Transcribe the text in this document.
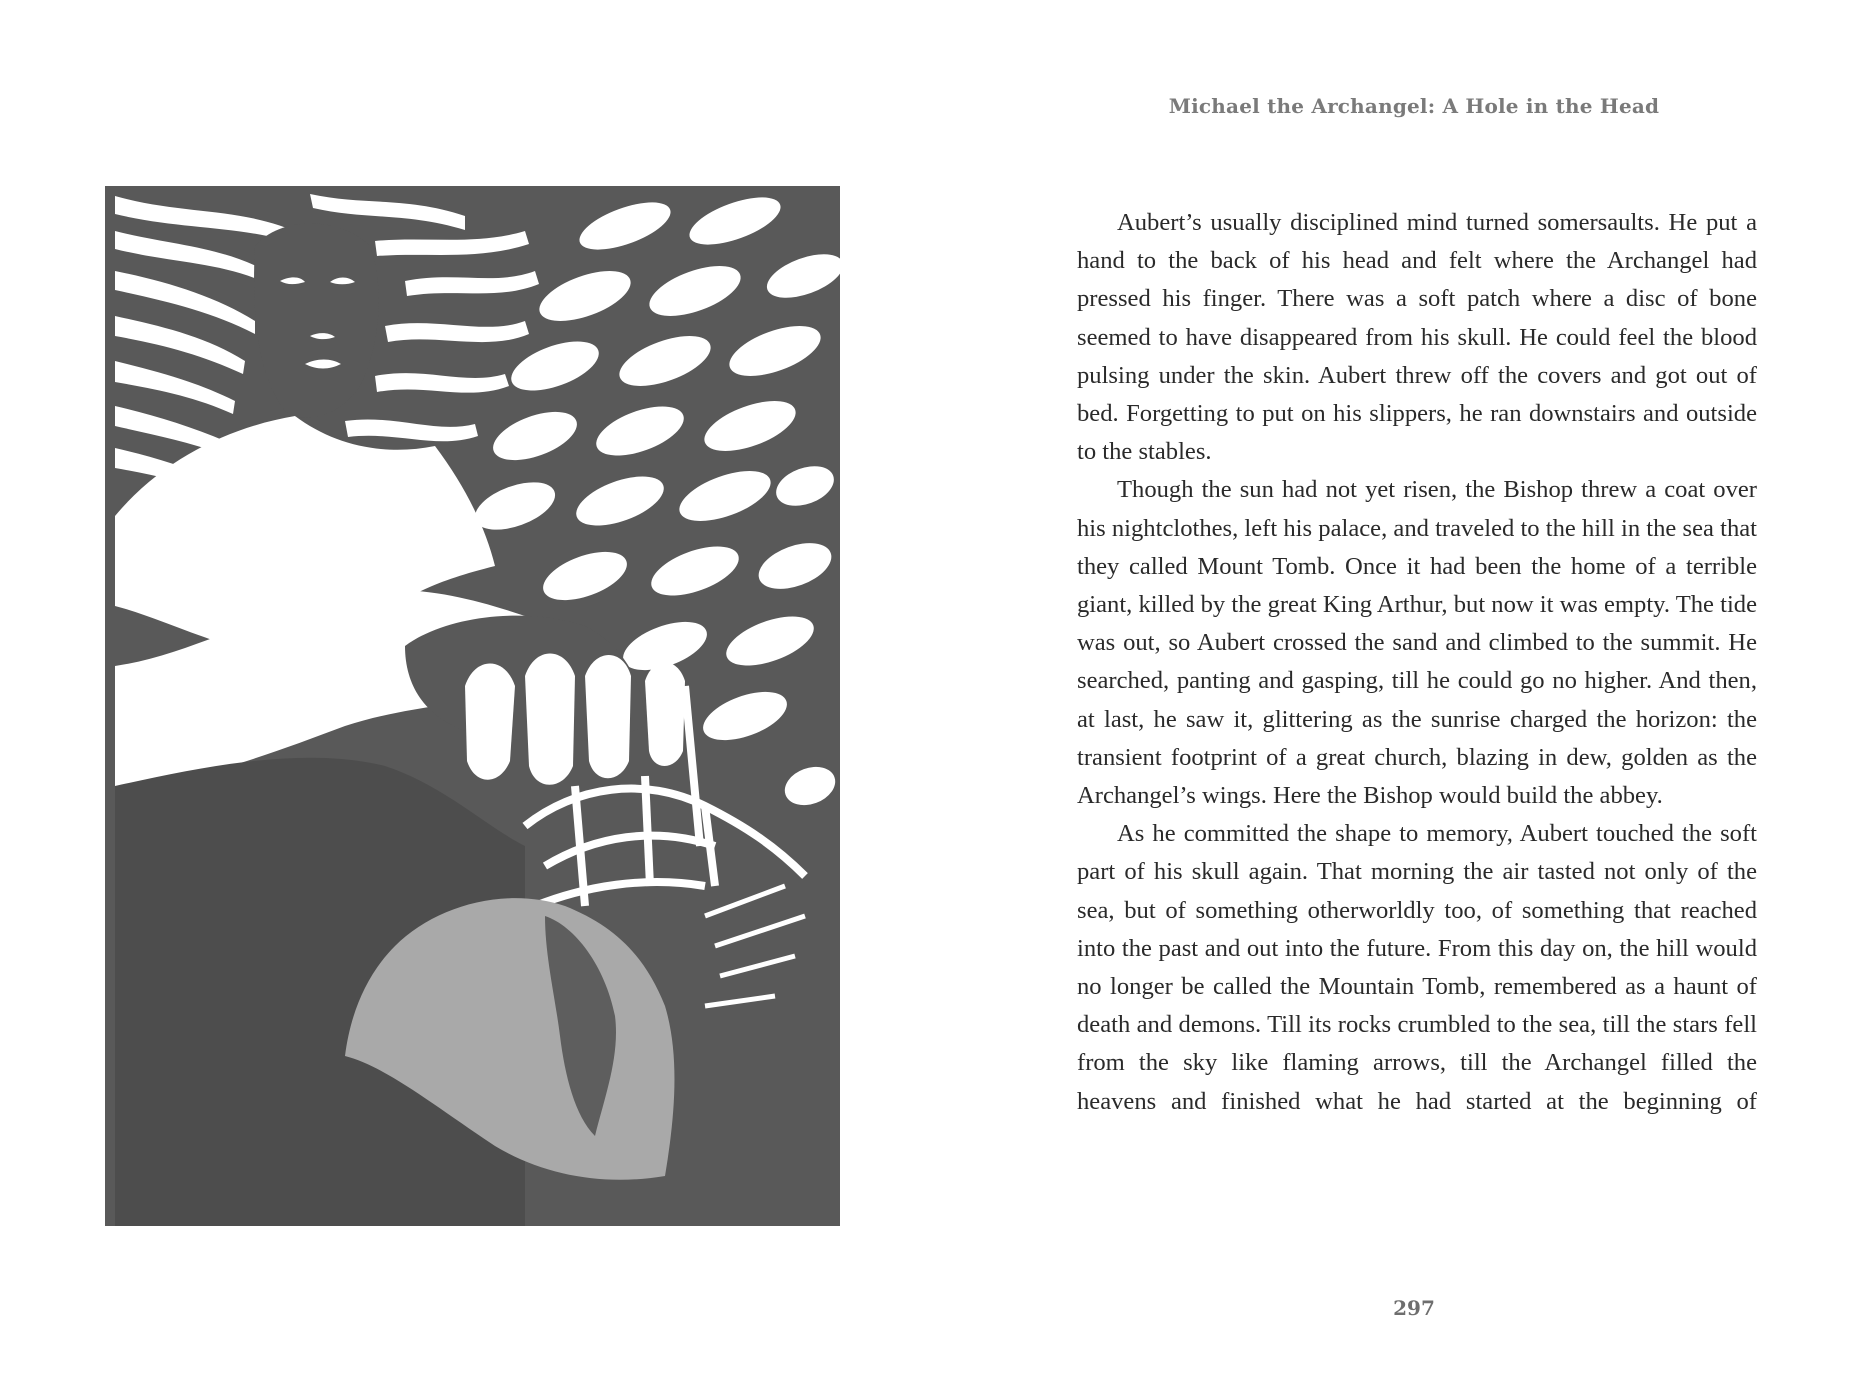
Michael the Archangel: A Hole in the Head

Aubert’s usually disciplined mind turned somersaults. He put a hand to the back of his head and felt where the Archangel had pressed his finger. There was a soft patch where a disc of bone seemed to have disappeared from his skull. He could feel the blood pulsing under the skin. Aubert threw off the covers and got out of bed. Forgetting to put on his slippers, he ran downstairs and outside to the stables.

Though the sun had not yet risen, the Bishop threw a coat over his nightclothes, left his palace, and traveled to the hill in the sea that they called Mount Tomb. Once it had been the home of a terrible giant, killed by the great King Arthur, but now it was empty. The tide was out, so Aubert crossed the sand and climbed to the summit. He searched, panting and gasping, till he could go no higher. And then, at last, he saw it, glittering as the sunrise charged the horizon: the transient footprint of a great church, blazing in dew, golden as the Archangel’s wings. Here the Bishop would build the abbey.

As he committed the shape to memory, Aubert touched the soft part of his skull again. That morning the air tasted not only of the sea, but of something otherworldly too, of something that reached into the past and out into the future. From this day on, the hill would no longer be called the Mountain Tomb, remembered as a haunt of death and demons. Till its rocks crumbled to the sea, till the stars fell from the sky like flaming arrows, till the Archangel filled the heavens and finished what he had started at the beginning of

297
